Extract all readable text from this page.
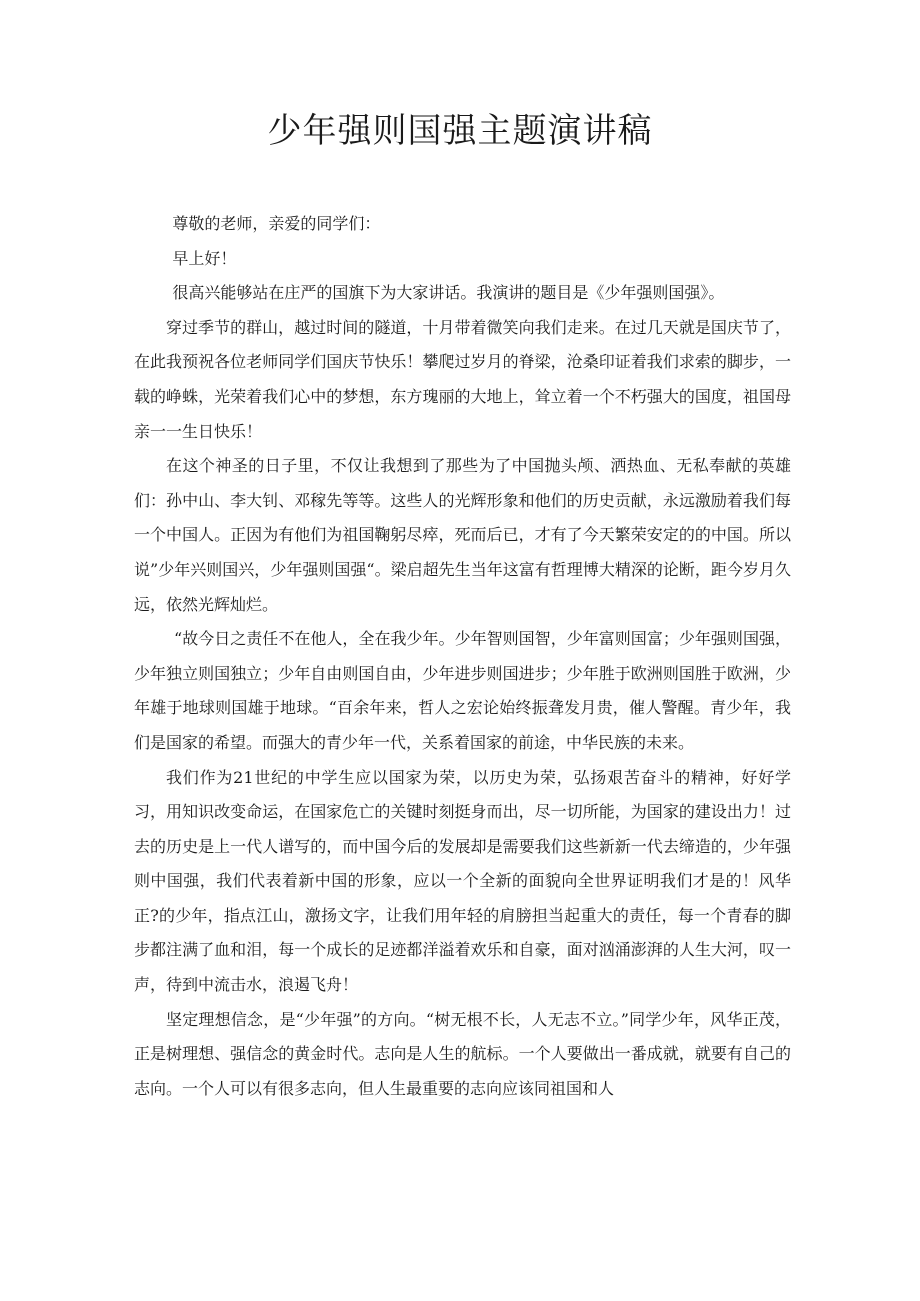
少年强则国强主题演讲稿

尊敬的老师，亲爱的同学们：

早上好！

很高兴能够站在庄严的国旗下为大家讲话。我演讲的题目是《少年强则国强》。

穿过季节的群山，越过时间的隧道，十月带着微笑向我们走来。在过几天就是国庆节了，在此我预祝各位老师同学们国庆节快乐！攀爬过岁月的脊梁，沧桑印证着我们求索的脚步，一载的峥蛛，光荣着我们心中的梦想，东方瑰丽的大地上，耸立着一个不朽强大的国度，祖国母亲一一生日快乐！

在这个神圣的日子里，不仅让我想到了那些为了中国抛头颅、洒热血、无私奉献的英雄们：孙中山、李大钊、邓稼先等等。这些人的光辉形象和他们的历史贡献，永远激励着我们每一个中国人。正因为有他们为祖国鞠躬尽瘁，死而后已，才有了今天繁荣安定的的中国。所以说”少年兴则国兴，少年强则国强“。梁启超先生当年这富有哲理博大精深的论断，距今岁月久远，依然光辉灿烂。

“故今日之责任不在他人，全在我少年。少年智则国智，少年富则国富；少年强则国强，少年独立则国独立；少年自由则国自由，少年进步则国进步；少年胜于欧洲则国胜于欧洲，少年雄于地球则国雄于地球。“百余年来，哲人之宏论始终振聋发月贵，催人警醒。青少年，我们是国家的希望。而强大的青少年一代，关系着国家的前途，中华民族的未来。

我们作为21世纪的中学生应以国家为荣，以历史为荣，弘扬艰苦奋斗的精神，好好学习，用知识改变命运，在国家危亡的关键时刻挺身而出，尽一切所能，为国家的建设出力！过去的历史是上一代人谱写的，而中国今后的发展却是需要我们这些新新一代去缔造的，少年强则中国强，我们代表着新中国的形象，应以一个全新的面貌向全世界证明我们才是的！风华正?的少年，指点江山，激扬文字，让我们用年轻的肩膀担当起重大的责任，每一个青春的脚步都注满了血和泪，每一个成长的足迹都洋溢着欢乐和自豪，面对汹涌澎湃的人生大河，叹一声，待到中流击水，浪遏飞舟！

坚定理想信念，是“少年强”的方向。“树无根不长，人无志不立。”同学少年，风华正茂，正是树理想、强信念的黄金时代。志向是人生的航标。一个人要做出一番成就，就要有自己的志向。一个人可以有很多志向，但人生最重要的志向应该同祖国和人
